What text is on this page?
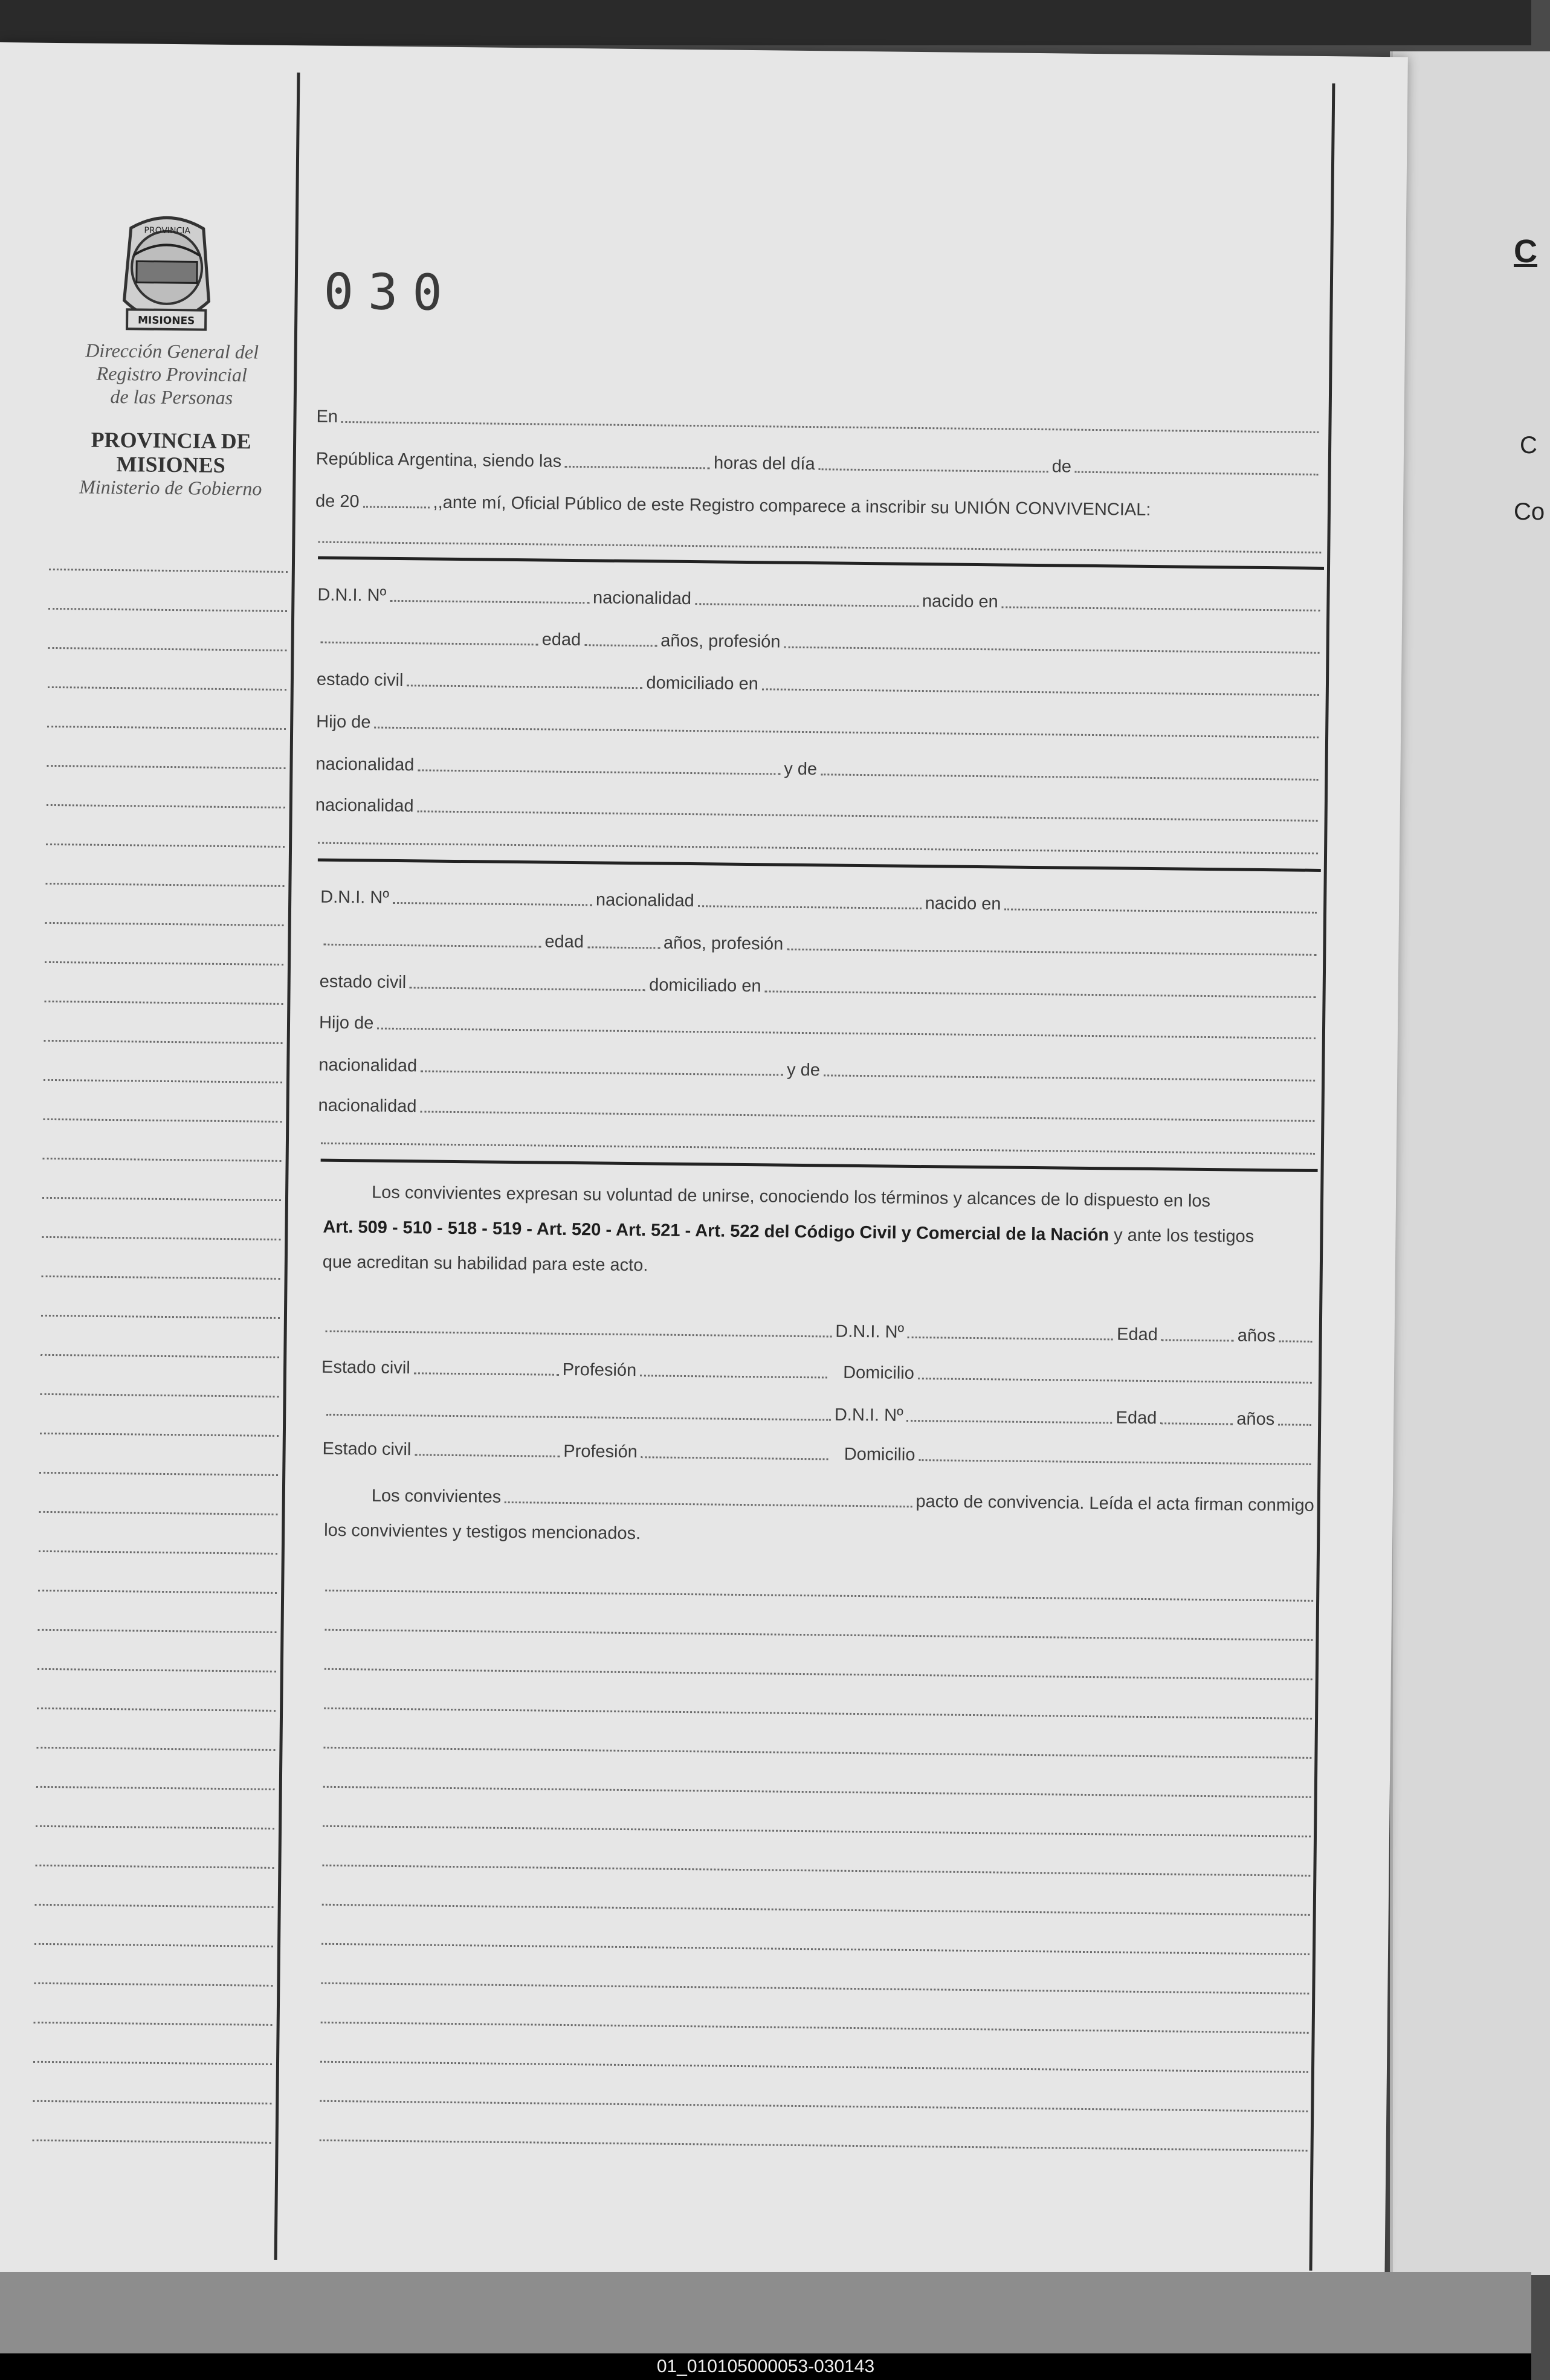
C
C
Co
PROVINCIA
MISIONES
Dirección General del
Registro Provincial
de las Personas
PROVINCIA DE
MISIONES
Ministerio de Gobierno
030
En
República Argentina, siendo las	horas del día	de
de 20	,,ante mí, Oficial Público de este Registro comparece a inscribir su UNIÓN CONVIVENCIAL:
D.N.I. Nº	nacionalidad	nacido en
edad	años, profesión
estado civil	domiciliado en
Hijo de
nacionalidad	y de
nacionalidad
D.N.I. Nº	nacionalidad	nacido en
edad	años, profesión
estado civil	domiciliado en
Hijo de
nacionalidad	y de
nacionalidad
Los convivientes expresan su voluntad de unirse, conociendo los términos y alcances de lo dispuesto en los
Art. 509 - 510 - 518 - 519 - Art. 520 - Art. 521 - Art. 522 del Código Civil y Comercial de la Nación y ante los testigos
que acreditan su habilidad para este acto.
D.N.I. Nº	Edad	años
Estado civil	Profesión	Domicilio
D.N.I. Nº	Edad	años
Estado civil	Profesión	Domicilio
Los convivientes	pacto de convivencia. Leída el acta firman conmigo
los convivientes y testigos mencionados.
01_010105000053-030143
